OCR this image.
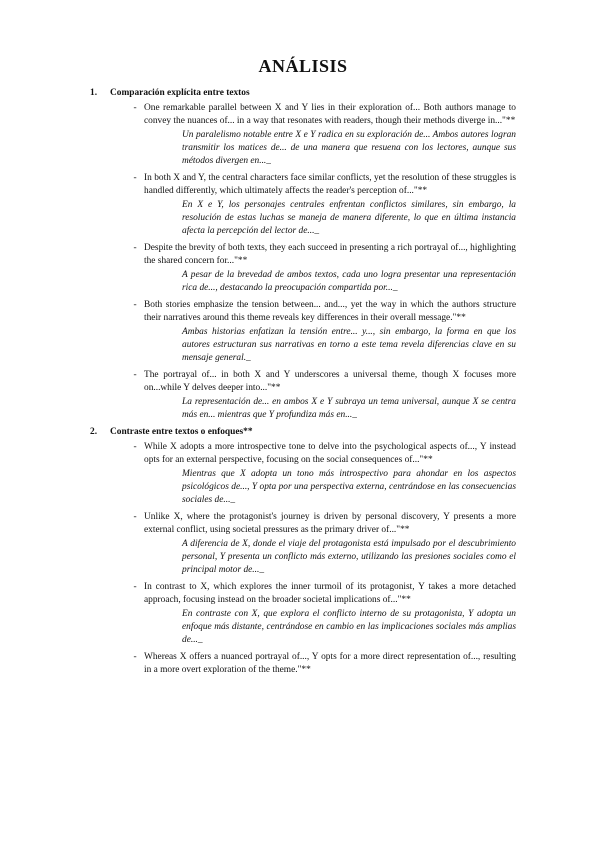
ANÁLISIS
1.	Comparación explícita entre textos
- One remarkable parallel between X and Y lies in their exploration of... Both authors manage to convey the nuances of... in a way that resonates with readers, though their methods diverge in..."**

Un paralelismo notable entre X e Y radica en su exploración de... Ambos autores logran transmitir los matices de... de una manera que resuena con los lectores, aunque sus métodos divergen en..._

- In both X and Y, the central characters face similar conflicts, yet the resolution of these struggles is handled differently, which ultimately affects the reader's perception of..."**

En X e Y, los personajes centrales enfrentan conflictos similares, sin embargo, la resolución de estas luchas se maneja de manera diferente, lo que en última instancia afecta la percepción del lector de..._

- Despite the brevity of both texts, they each succeed in presenting a rich portrayal of..., highlighting the shared concern for..."**

A pesar de la brevedad de ambos textos, cada uno logra presentar una representación rica de..., destacando la preocupación compartida por..._

- Both stories emphasize the tension between... and..., yet the way in which the authors structure their narratives around this theme reveals key differences in their overall message."**

Ambas historias enfatizan la tensión entre... y..., sin embargo, la forma en que los autores estructuran sus narrativas en torno a este tema revela diferencias clave en su mensaje general._

- The portrayal of... in both X and Y underscores a universal theme, though X focuses more on...while Y delves deeper into..."**

La representación de... en ambos X e Y subraya un tema universal, aunque X se centra más en... mientras que Y profundiza más en..._

2.	Contraste entre textos o enfoques**
- While X adopts a more introspective tone to delve into the psychological aspects of..., Y instead opts for an external perspective, focusing on the social consequences of..."**

Mientras que X adopta un tono más introspectivo para ahondar en los aspectos psicológicos de..., Y opta por una perspectiva externa, centrándose en las consecuencias sociales de..._

- Unlike X, where the protagonist's journey is driven by personal discovery, Y presents a more external conflict, using societal pressures as the primary driver of..."**

A diferencia de X, donde el viaje del protagonista está impulsado por el descubrimiento personal, Y presenta un conflicto más externo, utilizando las presiones sociales como el principal motor de..._

- In contrast to X, which explores the inner turmoil of its protagonist, Y takes a more detached approach, focusing instead on the broader societal implications of..."**

En contraste con X, que explora el conflicto interno de su protagonista, Y adopta un enfoque más distante, centrándose en cambio en las implicaciones sociales más amplias de..._

- Whereas X offers a nuanced portrayal of..., Y opts for a more direct representation of..., resulting in a more overt exploration of the theme."**
